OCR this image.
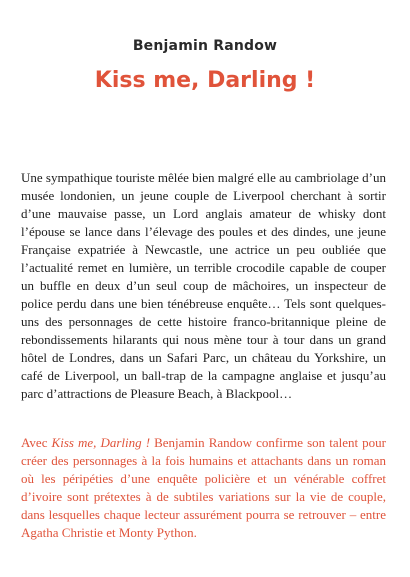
Benjamin Randow
Kiss me, Darling !

Une sympathique touriste mêlée bien malgré elle au cambriolage d’un musée londonien, un jeune couple de Liverpool cherchant à sortir d’une mauvaise passe, un Lord anglais amateur de whisky dont l’épouse se lance dans l’élevage des poules et des dindes, une jeune Française expatriée à Newcastle, une actrice un peu oubliée que l’actualité remet en lumière, un terrible crocodile capable de couper un buffle en deux d’un seul coup de mâchoires, un inspecteur de police perdu dans une bien ténébreuse enquête… Tels sont quelques-uns des personnages de cette histoire franco-britannique pleine de rebondissements hilarants qui nous mène tour à tour dans un grand hôtel de Londres, dans un Safari Parc, un château du Yorkshire, un café de Liverpool, un ball-trap de la campagne anglaise et jusqu’au parc d’attractions de Pleasure Beach, à Blackpool…

Avec Kiss me, Darling ! Benjamin Randow confirme son talent pour créer des personnages à la fois humains et attachants dans un roman où les péripéties d’une enquête policière et un vénérable coffret d’ivoire sont prétextes à de subtiles variations sur la vie de couple, dans lesquelles chaque lecteur assurément pourra se retrouver – entre Agatha Christie et Monty Python.
